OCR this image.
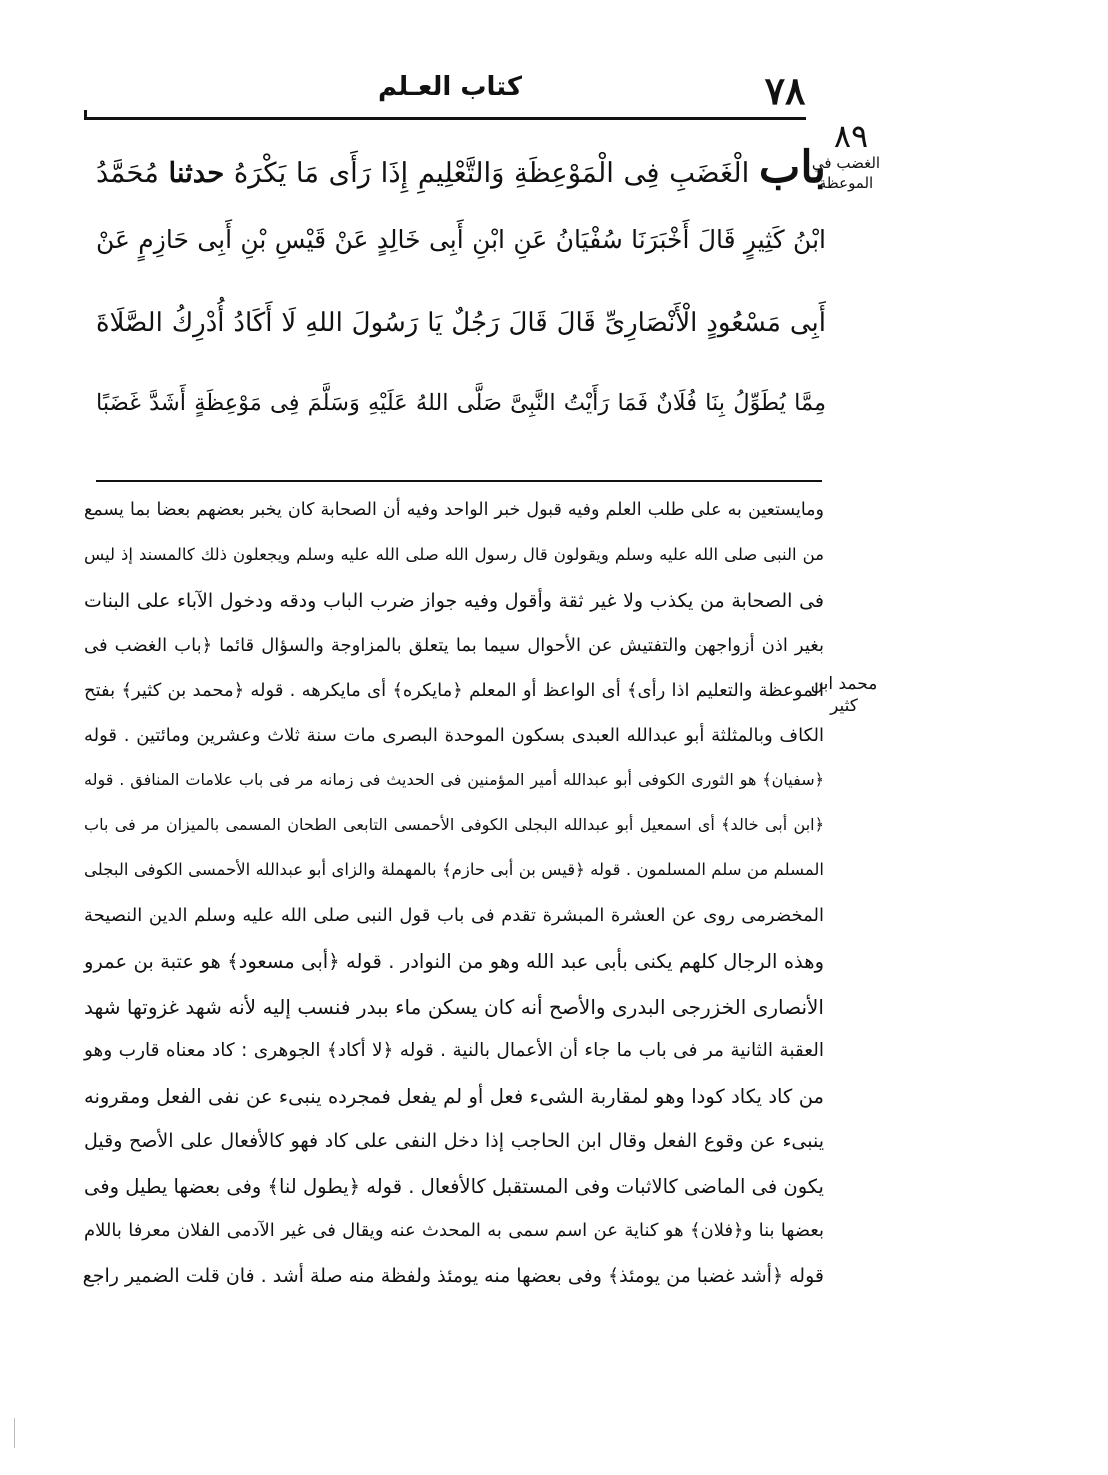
٧٨
كتاب العـلم
٨٩
الغضب في الموعظة
محمد ابن كثير
باب الْغَضَبِ فِى الْمَوْعِظَةِ وَالتَّعْلِيمِ إِذَا رَأَى مَا يَكْرَهُ حدثنا مُحَمَّدُ
ابْنُ كَثِيرٍ قَالَ أَخْبَرَنَا سُفْيَانُ عَنِ ابْنِ أَبِى خَالِدٍ عَنْ قَيْسِ بْنِ أَبِى حَازِمٍ عَنْ
أَبِى مَسْعُودٍ الْأَنْصَارِىِّ قَالَ قَالَ رَجُلٌ يَا رَسُولَ اللهِ لَا أَكَادُ أُدْرِكُ الصَّلَاةَ
مِمَّا يُطَوِّلُ بِنَا فُلَانٌ فَمَا رَأَيْتُ النَّبِىَّ صَلَّى اللهُ عَلَيْهِ وَسَلَّمَ فِى مَوْعِظَةٍ أَشَدَّ غَضَبًا
ومايستعين به على طلب العلم وفيه قبول خبر الواحد وفيه أن الصحابة كان يخبر بعضهم بعضا بما يسمع
من النبى صلى الله عليه وسلم ويقولون قال رسول الله صلى الله عليه وسلم ويجعلون ذلك كالمسند إذ ليس
فى الصحابة من يكذب ولا غير ثقة وأقول وفيه جواز ضرب الباب ودقه ودخول الآباء على البنات
بغير اذن أزواجهن والتفتيش عن الأحوال سيما بما يتعلق بالمزاوجة والسؤال قائما ﴿باب الغضب فى
الموعظة والتعليم اذا رأى﴾ أى الواعظ أو المعلم ﴿مايكره﴾ أى مايكرهه . قوله ﴿محمد بن كثير﴾ بفتح
الكاف وبالمثلثة أبو عبدالله العبدى بسكون الموحدة البصرى مات سنة ثلاث وعشرين ومائتين . قوله
﴿سفيان﴾ هو الثورى الكوفى أبو عبدالله أمير المؤمنين فى الحديث فى زمانه مر فى باب علامات المنافق . قوله
﴿ابن أبى خالد﴾ أى اسمعيل أبو عبدالله البجلى الكوفى الأحمسى التابعى الطحان المسمى بالميزان مر فى باب
المسلم من سلم المسلمون . قوله ﴿قيس بن أبى حازم﴾ بالمهملة والزاى أبو عبدالله الأحمسى الكوفى البجلى
المخضرمى روى عن العشرة المبشرة تقدم فى باب قول النبى صلى الله عليه وسلم الدين النصيحة
وهذه الرجال كلهم يكنى بأبى عبد الله وهو من النوادر . قوله ﴿أبى مسعود﴾ هو عتبة بن عمرو
الأنصارى الخزرجى البدرى والأصح أنه كان يسكن ماء ببدر فنسب إليه لأنه شهد غزوتها شهد
العقبة الثانية مر فى باب ما جاء أن الأعمال بالنية . قوله ﴿لا أكاد﴾ الجوهرى : كاد معناه قارب وهو
من كاد يكاد كودا وهو لمقاربة الشىء فعل أو لم يفعل فمجرده ينبىء عن نفى الفعل ومقرونه
ينبىء عن وقوع الفعل وقال ابن الحاجب إذا دخل النفى على كاد فهو كالأفعال على الأصح وقيل
يكون فى الماضى كالاثبات وفى المستقبل كالأفعال . قوله ﴿يطول لنا﴾ وفى بعضها يطيل وفى
بعضها بنا و﴿فلان﴾ هو كناية عن اسم سمى به المحدث عنه ويقال فى غير الآدمى الفلان معرفا باللام
قوله ﴿أشد غضبا من يومئذ﴾ وفى بعضها منه يومئذ ولفظة منه صلة أشد . فان قلت الضمير راجع
